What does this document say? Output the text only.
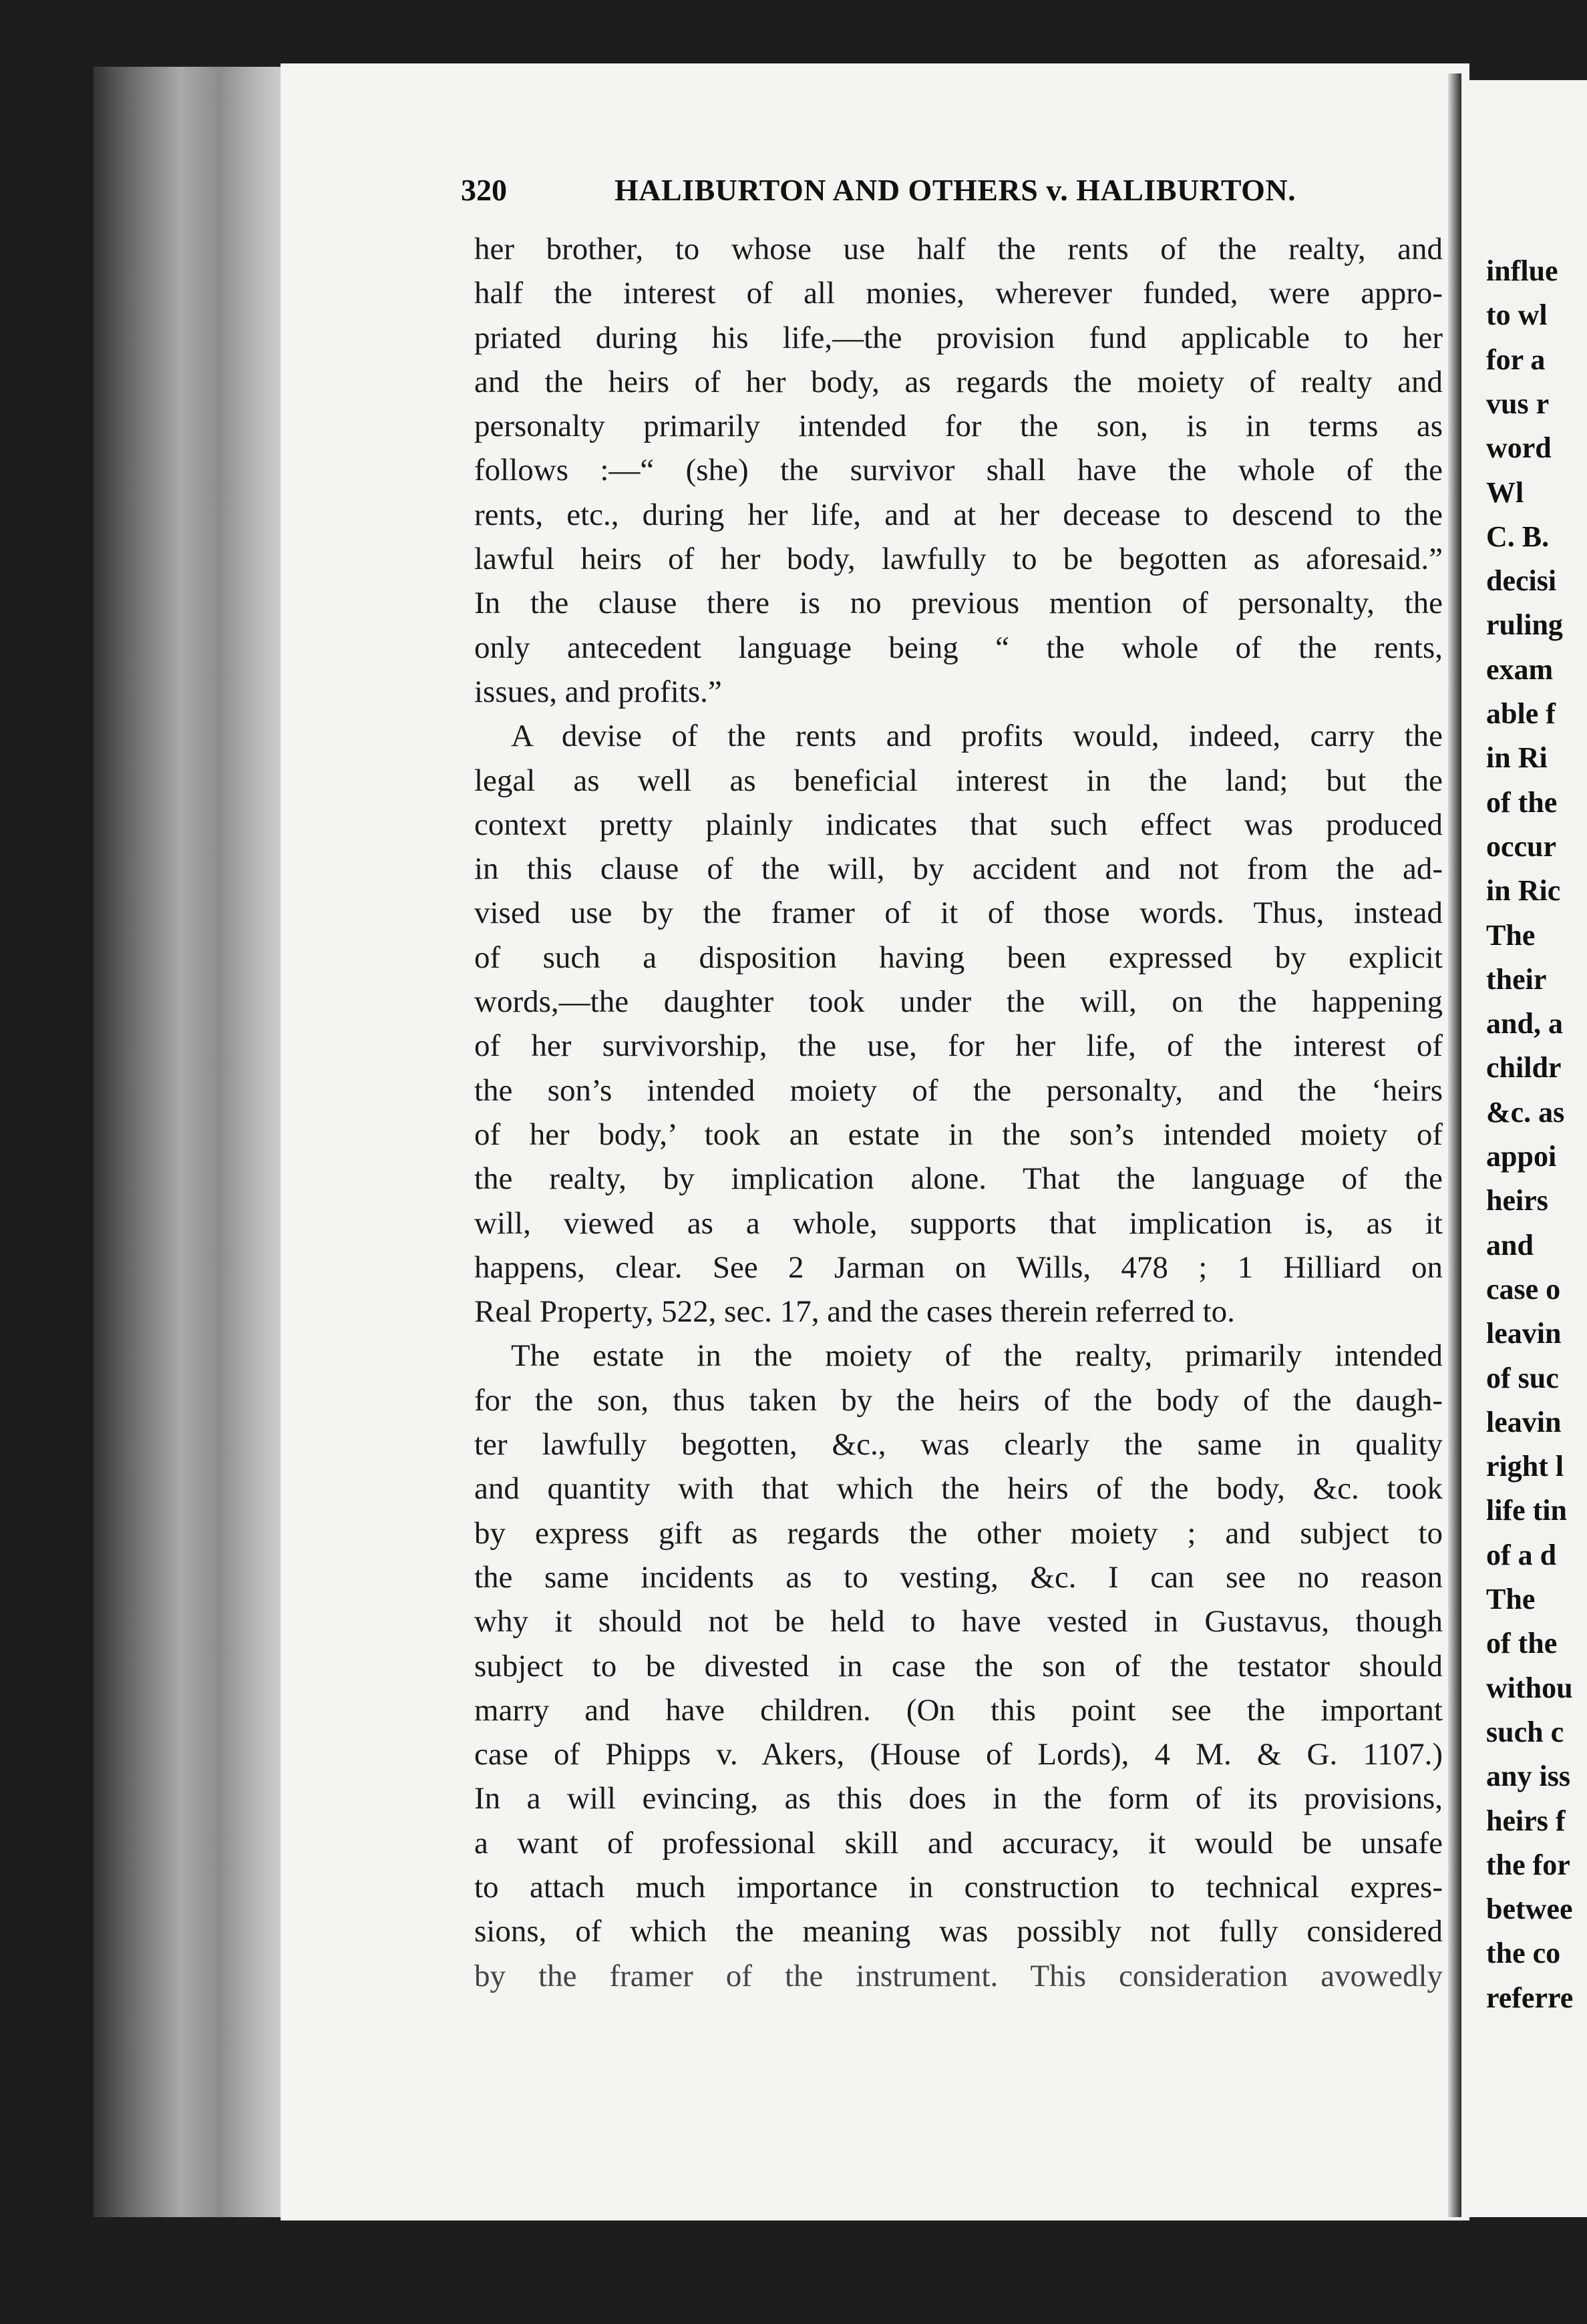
320	HALIBURTON AND OTHERS v. HALIBURTON.
her brother, to whose use half the rents of the realty, and
half the interest of all monies, wherever funded, were appro-
priated during his life,—the provision fund applicable to her
and the heirs of her body, as regards the moiety of realty and
personalty primarily intended for the son, is in terms as
follows :—“ (she) the survivor shall have the whole of the
rents, etc., during her life, and at her decease to descend to the
lawful heirs of her body, lawfully to be begotten as aforesaid.”
In the clause there is no previous mention of personalty, the
only antecedent language being “ the whole of the rents,
issues, and profits.”
A devise of the rents and profits would, indeed, carry the
legal as well as beneficial interest in the land; but the
context pretty plainly indicates that such effect was produced
in this clause of the will, by accident and not from the ad-
vised use by the framer of it of those words. Thus, instead
of such a disposition having been expressed by explicit
words,—the daughter took under the will, on the happening
of her survivorship, the use, for her life, of the interest of
the son’s intended moiety of the personalty, and the ‘heirs
of her body,’ took an estate in the son’s intended moiety of
the realty, by implication alone. That the language of the
will, viewed as a whole, supports that implication is, as it
happens, clear. See 2 Jarman on Wills, 478 ; 1 Hilliard on
Real Property, 522, sec. 17, and the cases therein referred to.
The estate in the moiety of the realty, primarily intended
for the son, thus taken by the heirs of the body of the daugh-
ter lawfully begotten, &c., was clearly the same in quality
and quantity with that which the heirs of the body, &c. took
by express gift as regards the other moiety ; and subject to
the same incidents as to vesting, &c. I can see no reason
why it should not be held to have vested in Gustavus, though
subject to be divested in case the son of the testator should
marry and have children. (On this point see the important
case of Phipps v. Akers, (House of Lords), 4 M. & G. 1107.)
In a will evincing, as this does in the form of its provisions,
a want of professional skill and accuracy, it would be unsafe
to attach much importance in construction to technical expres-
sions, of which the meaning was possibly not fully considered
by the framer of the instrument. This consideration avowedly
influe
to wl
for a
vus r
word
Wl
C. B.
decisi
ruling
exam
able f
in Ri
of the
occur
in Ric
The
their
and, a
childr
&c. as
appoi
heirs
and
case o
leavin
of suc
leavin
right l
life tin
of a d
The
of the
withou
such c
any iss
heirs f
the for
betwee
the co
referre
